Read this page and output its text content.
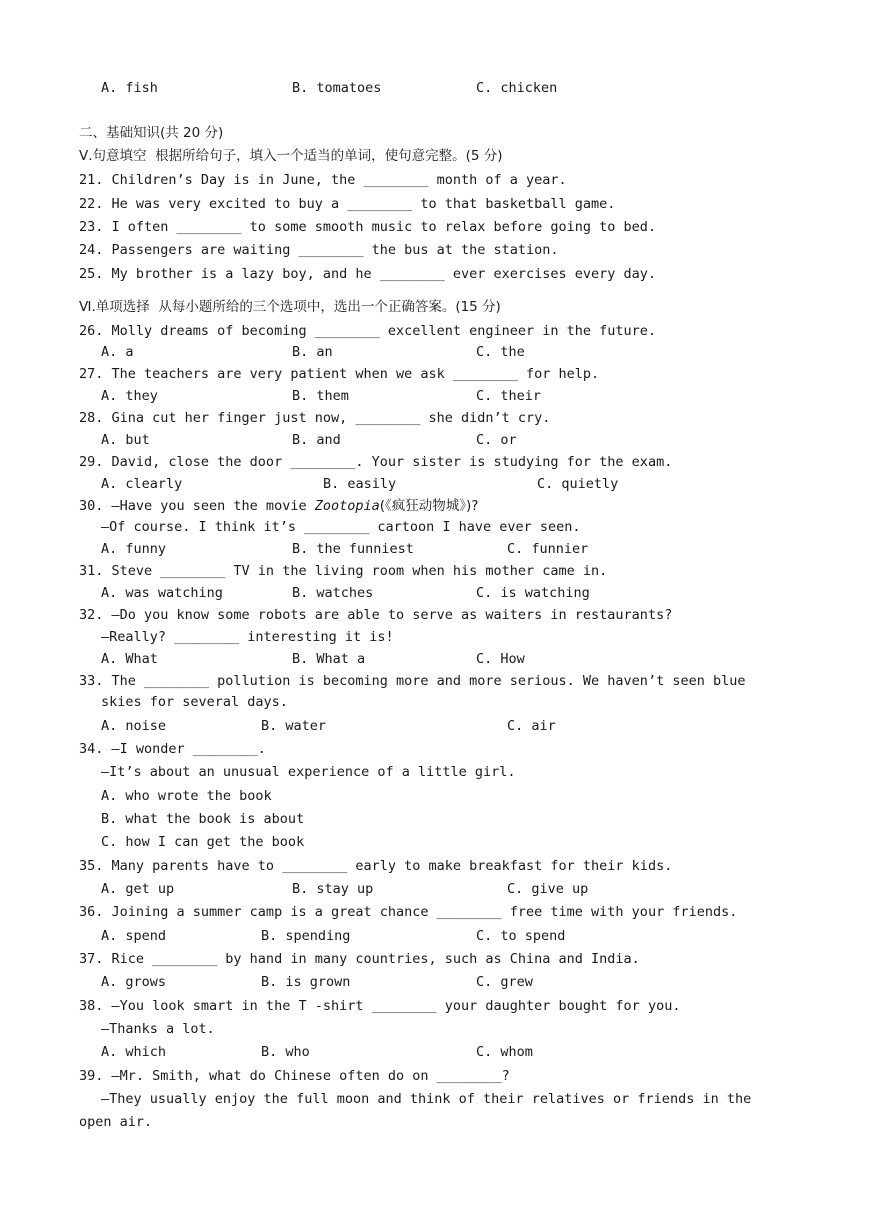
A. fish	B. tomatoes	C. chicken
二、基础知识(共 20 分)
Ⅴ.句意填空  根据所给句子，填入一个适当的单词，使句意完整。(5 分)
21. Children’s Day is in June, the ________ month of a year.
22. He was very excited to buy a ________ to that basketball game.
23. I often ________ to some smooth music to relax before going to bed.
24. Passengers are waiting ________ the bus at the station.
25. My brother is a lazy boy, and he ________ ever exercises every day.
Ⅵ.单项选择  从每小题所给的三个选项中，选出一个正确答案。(15 分)
26. Molly dreams of becoming ________ excellent engineer in the future.
A. a	B. an	C. the
27. The teachers are very patient when we ask ________ for help.
A. they	B. them	C. their
28. Gina cut her finger just now, ________ she didn’t cry.
A. but	B. and	C. or
29. David, close the door ________. Your sister is studying for the exam.
A. clearly	B. easily	C. quietly
30. —Have you seen the movie Zootopia(《疯狂动物城》)?
—Of course. I think it’s ________ cartoon I have ever seen.
A. funny	B. the funniest	C. funnier
31. Steve ________ TV in the living room when his mother came in.
A. was watching	B. watches	C. is watching
32. —Do you know some robots are able to serve as waiters in restaurants?
—Really? ________ interesting it is!
A. What	B. What a	C. How
33. The ________ pollution is becoming more and more serious. We haven’t seen blue
skies for several days.
A. noise	B. water	C. air
34. —I wonder ________.
—It’s about an unusual experience of a little girl.
A. who wrote the book
B. what the book is about
C. how I can get the book
35. Many parents have to ________ early to make breakfast for their kids.
A. get up	B. stay up	C. give up
36. Joining a summer camp is a great chance ________ free time with your friends.
A. spend	B. spending	C. to spend
37. Rice ________ by hand in many countries, such as China and India.
A. grows	B. is grown	C. grew
38. —You look smart in the T -shirt ________ your daughter bought for you.
—Thanks a lot.
A. which	B. who	C. whom
39. —Mr. Smith, what do Chinese often do on ________?
—They usually enjoy the full moon and think of their relatives or friends in the
open air.
